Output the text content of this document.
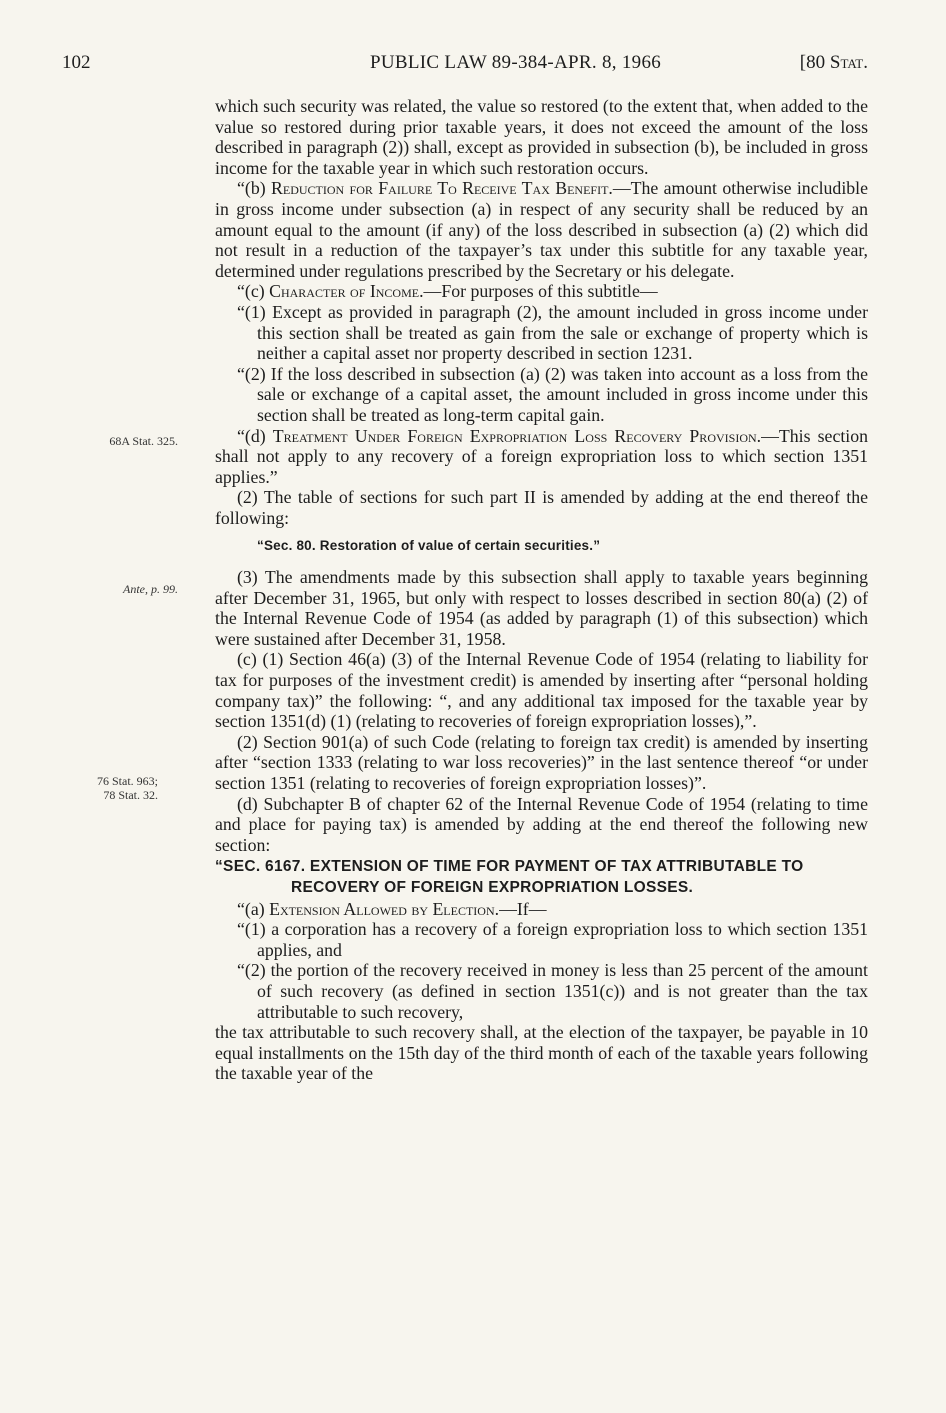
102	PUBLIC LAW 89-384-APR. 8, 1966	[80 Stat.
68A Stat. 325.
Ante, p. 99.
76 Stat. 963;
78 Stat. 32.

which such security was related, the value so restored (to the extent that, when added to the value so restored during prior taxable years, it does not exceed the amount of the loss described in paragraph (2)) shall, except as provided in subsection (b), be included in gross income for the taxable year in which such restoration occurs.

“(b) Reduction for Failure To Receive Tax Benefit.—The amount otherwise includible in gross income under subsection (a) in respect of any security shall be reduced by an amount equal to the amount (if any) of the loss described in subsection (a) (2) which did not result in a reduction of the taxpayer’s tax under this subtitle for any taxable year, determined under regulations prescribed by the Secretary or his delegate.

“(c) Character of Income.—For purposes of this subtitle—

“(1) Except as provided in paragraph (2), the amount included in gross income under this section shall be treated as gain from the sale or exchange of property which is neither a capital asset nor property described in section 1231.

“(2) If the loss described in subsection (a) (2) was taken into account as a loss from the sale or exchange of a capital asset, the amount included in gross income under this section shall be treated as long-term capital gain.

“(d) Treatment Under Foreign Expropriation Loss Recovery Provision.—This section shall not apply to any recovery of a foreign expropriation loss to which section 1351 applies.”

(2) The table of sections for such part II is amended by adding at the end thereof the following:

“Sec. 80. Restoration of value of certain securities.”

(3) The amendments made by this subsection shall apply to taxable years beginning after December 31, 1965, but only with respect to losses described in section 80(a) (2) of the Internal Revenue Code of 1954 (as added by paragraph (1) of this subsection) which were sustained after December 31, 1958.

(c) (1) Section 46(a) (3) of the Internal Revenue Code of 1954 (relating to liability for tax for purposes of the investment credit) is amended by inserting after “personal holding company tax)” the following: “, and any additional tax imposed for the taxable year by section 1351(d) (1) (relating to recoveries of foreign expropriation losses),”.

(2) Section 901(a) of such Code (relating to foreign tax credit) is amended by inserting after “section 1333 (relating to war loss recoveries)” in the last sentence thereof “or under section 1351 (relating to recoveries of foreign expropriation losses)”.

(d) Subchapter B of chapter 62 of the Internal Revenue Code of 1954 (relating to time and place for paying tax) is amended by adding at the end thereof the following new section:

“SEC. 6167. EXTENSION OF TIME FOR PAYMENT OF TAX ATTRIBUTABLE TO RECOVERY OF FOREIGN EXPROPRIATION LOSSES.

“(a) Extension Allowed by Election.—If—

“(1) a corporation has a recovery of a foreign expropriation loss to which section 1351 applies, and

“(2) the portion of the recovery received in money is less than 25 percent of the amount of such recovery (as defined in section 1351(c)) and is not greater than the tax attributable to such recovery,

the tax attributable to such recovery shall, at the election of the taxpayer, be payable in 10 equal installments on the 15th day of the third month of each of the taxable years following the taxable year of the
